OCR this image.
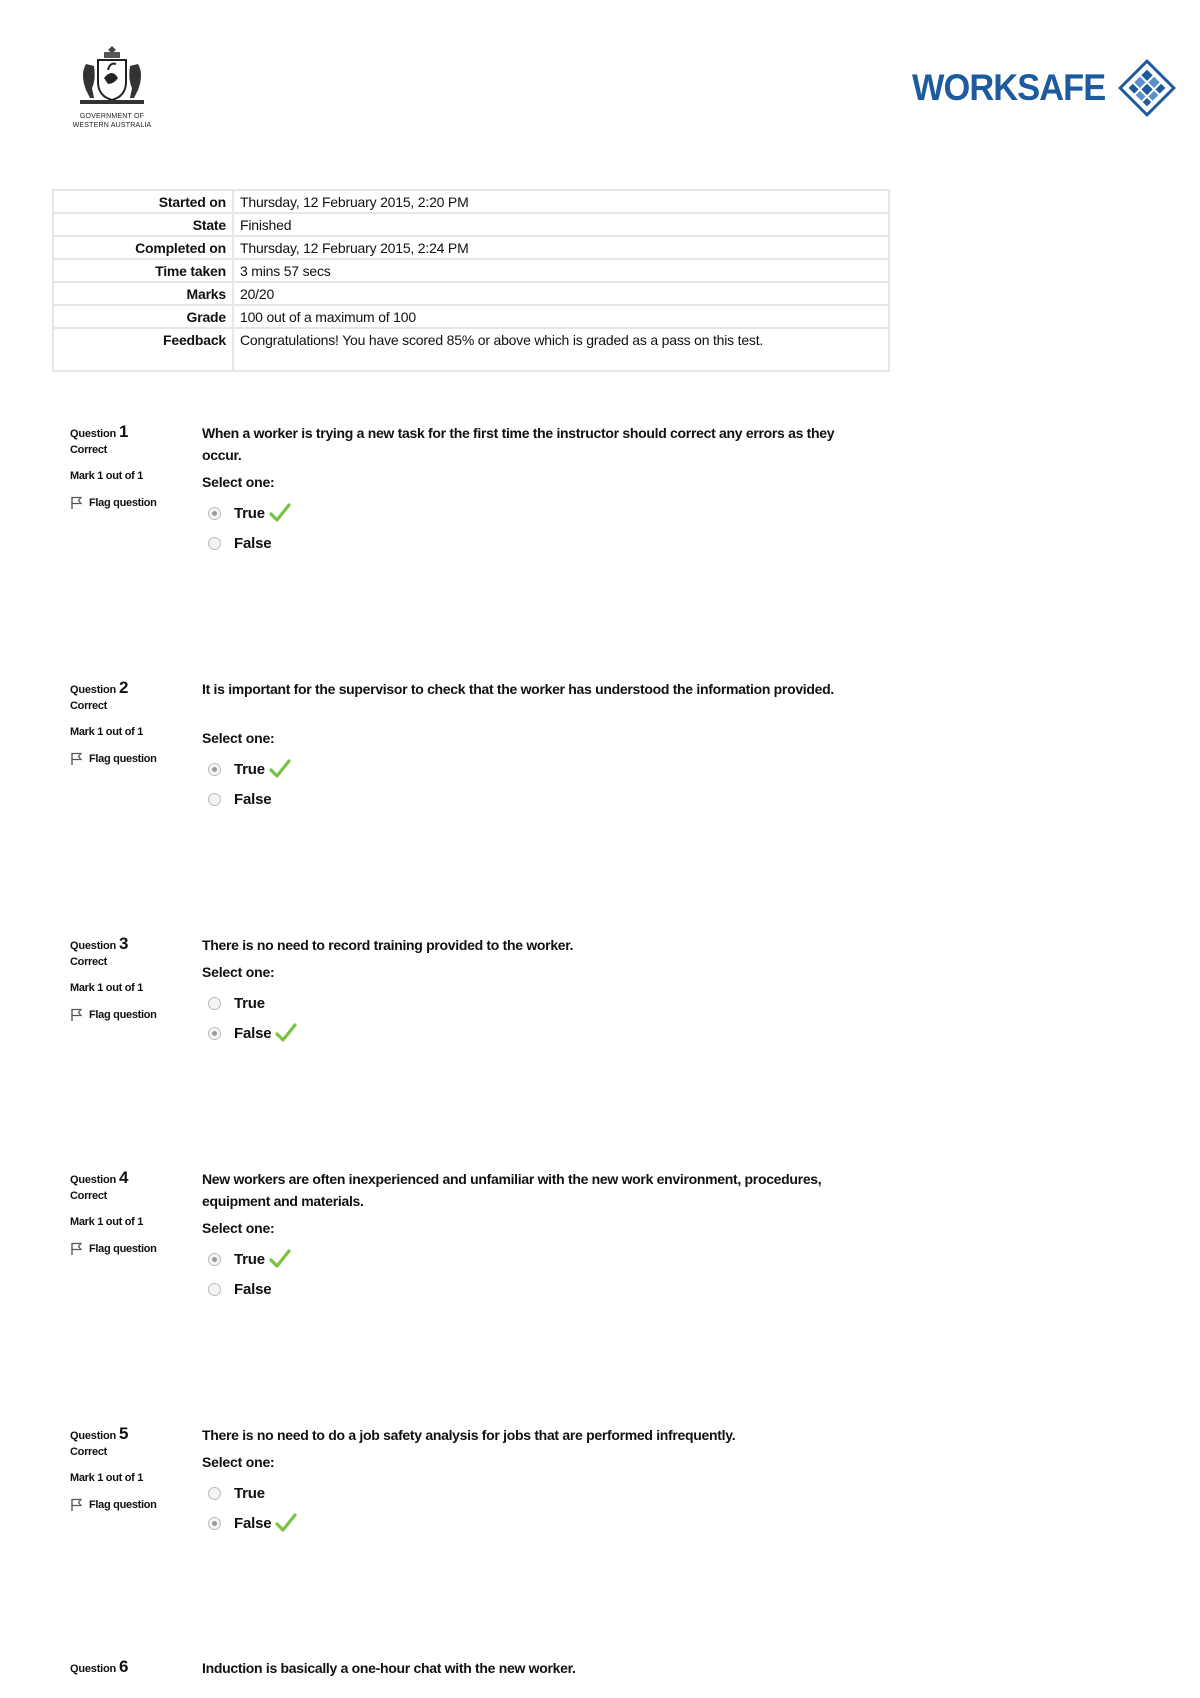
GOVERNMENT OF
WESTERN AUSTRALIA
WORKSAFE
Started on	Thursday, 12 February 2015, 2:20 PM
State	Finished
Completed on	Thursday, 12 February 2015, 2:24 PM
Time taken	3 mins 57 secs
Marks	20/20
Grade	100 out of a maximum of 100
Feedback	Congratulations! You have scored 85% or above which is graded as a pass on this test.
Question 1
Correct
Mark 1 out of 1
Flag question
When a worker is trying a new task for the first time the instructor should correct any errors as they occur.
Select one:
True
False
Question 2
Correct
Mark 1 out of 1
Flag question
It is important for the supervisor to check that the worker has understood the information provided.
Select one:
True
False
Question 3
Correct
Mark 1 out of 1
Flag question
There is no need to record training provided to the worker.
Select one:
True
False
Question 4
Correct
Mark 1 out of 1
Flag question
New workers are often inexperienced and unfamiliar with the new work environment, procedures, equipment and materials.
Select one:
True
False
Question 5
Correct
Mark 1 out of 1
Flag question
There is no need to do a job safety analysis for jobs that are performed infrequently.
Select one:
True
False
Question 6	Induction is basically a one-hour chat with the new worker.
